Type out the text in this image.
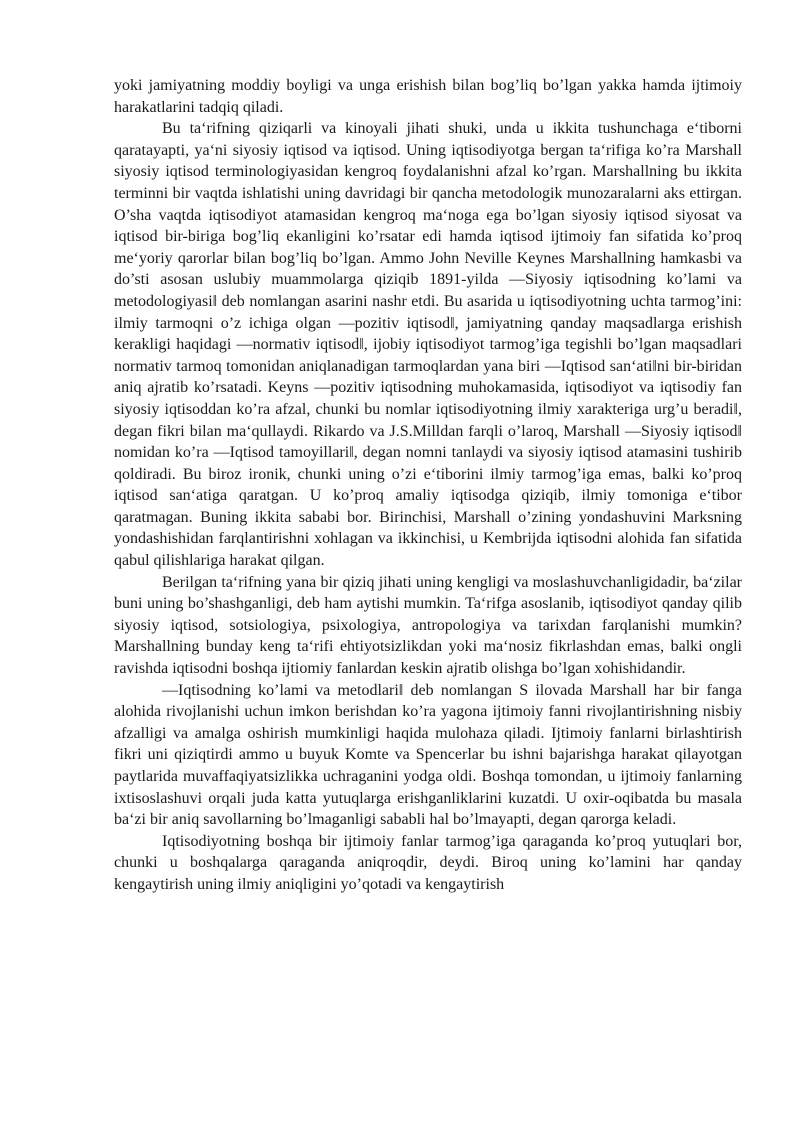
yoki jamiyatning moddiy boyligi va unga erishish bilan bog’liq bo’lgan yakka hamda ijtimoiy harakatlarini tadqiq qiladi.

Bu ta‘rifning qiziqarli va kinoyali jihati shuki, unda u ikkita tushunchaga e‘tiborni qaratayapti, ya‘ni siyosiy iqtisod va iqtisod. Uning iqtisodiyotga bergan ta‘rifiga ko’ra Marshall siyosiy iqtisod terminologiyasidan kengroq foydalanishni afzal ko’rgan. Marshallning bu ikkita terminni bir vaqtda ishlatishi uning davridagi bir qancha metodologik munozaralarni aks ettirgan. O’sha vaqtda iqtisodiyot atamasidan kengroq ma‘noga ega bo’lgan siyosiy iqtisod siyosat va iqtisod bir-biriga bog’liq ekanligini ko’rsatar edi hamda iqtisod ijtimoiy fan sifatida ko’proq me‘yoriy qarorlar bilan bog’liq bo’lgan. Ammo John Neville Keynes Marshallning hamkasbi va do’sti asosan uslubiy muammolarga qiziqib 1891-yilda ―Siyosiy iqtisodning ko’lami va metodologiyasi‖ deb nomlangan asarini nashr etdi. Bu asarida u iqtisodiyotning uchta tarmog’ini: ilmiy tarmoqni o’z ichiga olgan ―pozitiv iqtisod‖, jamiyatning qanday maqsadlarga erishish kerakligi haqidagi ―normativ iqtisod‖, ijobiy iqtisodiyot tarmog’iga tegishli bo’lgan maqsadlari normativ tarmoq tomonidan aniqlanadigan tarmoqlardan yana biri ―Iqtisod san‘ati‖ni bir-biridan aniq ajratib ko’rsatadi. Keyns ―pozitiv iqtisodning muhokamasida, iqtisodiyot va iqtisodiy fan siyosiy iqtisoddan ko’ra afzal, chunki bu nomlar iqtisodiyotning ilmiy xarakteriga urg’u beradi‖, degan fikri bilan ma‘qullaydi. Rikardo va J.S.Milldan farqli o’laroq, Marshall ―Siyosiy iqtisod‖ nomidan ko’ra ―Iqtisod tamoyillari‖, degan nomni tanlaydi va siyosiy iqtisod atamasini tushirib qoldiradi. Bu biroz ironik, chunki uning o’zi e‘tiborini ilmiy tarmog’iga emas, balki ko’proq iqtisod san‘atiga qaratgan. U ko’proq amaliy iqtisodga qiziqib, ilmiy tomoniga e‘tibor qaratmagan. Buning ikkita sababi bor. Birinchisi, Marshall o’zining yondashuvini Marksning yondashishidan farqlantirishni xohlagan va ikkinchisi, u Kembrijda iqtisodni alohida fan sifatida qabul qilishlariga harakat qilgan.

Berilgan ta‘rifning yana bir qiziq jihati uning kengligi va moslashuvchanligidadir, ba‘zilar buni uning bo’shashganligi, deb ham aytishi mumkin. Ta‘rifga asoslanib, iqtisodiyot qanday qilib siyosiy iqtisod, sotsiologiya, psixologiya, antropologiya va tarixdan farqlanishi mumkin? Marshallning bunday keng ta‘rifi ehtiyotsizlikdan yoki ma‘nosiz fikrlashdan emas, balki ongli ravishda iqtisodni boshqa ijtiomiy fanlardan keskin ajratib olishga bo’lgan xohishidandir.

―Iqtisodning ko’lami va metodlari‖ deb nomlangan S ilovada Marshall har bir fanga alohida rivojlanishi uchun imkon berishdan ko’ra yagona ijtimoiy fanni rivojlantirishning nisbiy afzalligi va amalga oshirish mumkinligi haqida mulohaza qiladi. Ijtimoiy fanlarni birlashtirish fikri uni qiziqtirdi ammo u buyuk Komte va Spencerlar bu ishni bajarishga harakat qilayotgan paytlarida muvaffaqiyatsizlikka uchraganini yodga oldi. Boshqa tomondan, u ijtimoiy fanlarning ixtisoslashuvi orqali juda katta yutuqlarga erishganliklarini kuzatdi. U oxir-oqibatda bu masala ba‘zi bir aniq savollarning bo’lmaganligi sababli hal bo’lmayapti, degan qarorga keladi.

Iqtisodiyotning boshqa bir ijtimoiy fanlar tarmog’iga qaraganda ko’proq yutuqlari bor, chunki u boshqalarga qaraganda aniqroqdir, deydi. Biroq uning ko’lamini har qanday kengaytirish uning ilmiy aniqligini yo’qotadi va kengaytirish
